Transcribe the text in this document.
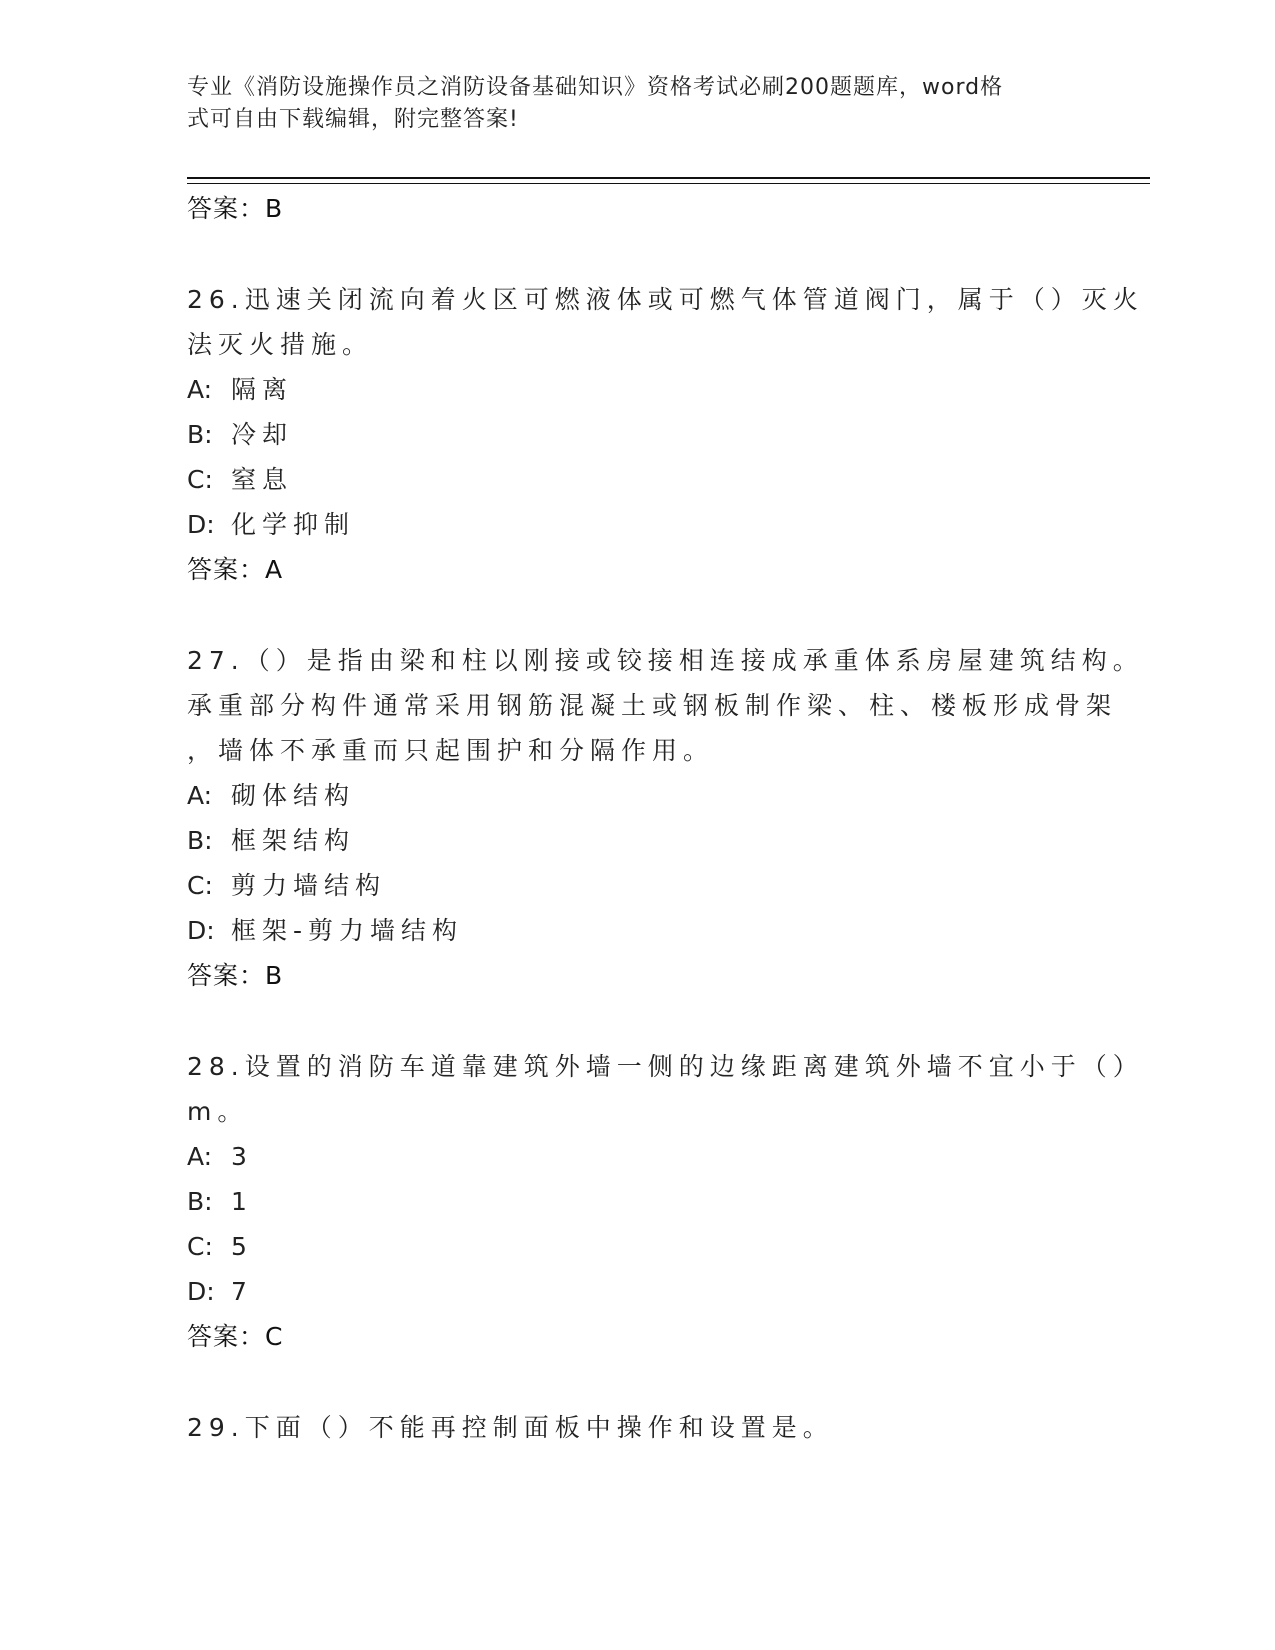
专业《消防设施操作员之消防设备基础知识》资格考试必刷200题题库，word格
式可自由下载编辑，附完整答案!
答案：B
26.迅速关闭流向着火区可燃液体或可燃气体管道阀门，属于（）灭火
法灭火措施。
A: 隔离
B: 冷却
C: 窒息
D: 化学抑制
答案：A
27.（）是指由梁和柱以刚接或铰接相连接成承重体系房屋建筑结构。
承重部分构件通常采用钢筋混凝土或钢板制作梁、柱、楼板形成骨架
，墙体不承重而只起围护和分隔作用。
A: 砌体结构
B: 框架结构
C: 剪力墙结构
D: 框架-剪力墙结构
答案：B
28.设置的消防车道靠建筑外墙一侧的边缘距离建筑外墙不宜小于（）
m。
A: 3
B: 1
C: 5
D: 7
答案：C
29.下面（）不能再控制面板中操作和设置是。
